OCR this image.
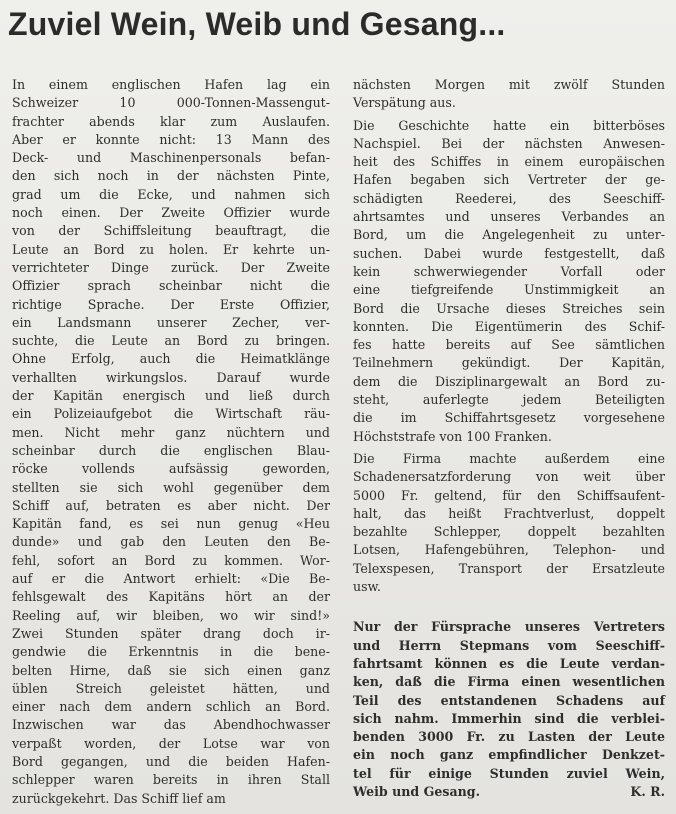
Zuviel Wein, Weib und Gesang...
In einem englischen Hafen lag ein
Schweizer 10 000-Tonnen-Massengut-
frachter abends klar zum Auslaufen.
Aber er konnte nicht: 13 Mann des
Deck- und Maschinenpersonals befan-
den sich noch in der nächsten Pinte,
grad um die Ecke, und nahmen sich
noch einen. Der Zweite Offizier wurde
von der Schiffsleitung beauftragt, die
Leute an Bord zu holen. Er kehrte un-
verrichteter Dinge zurück. Der Zweite
Offizier sprach scheinbar nicht die
richtige Sprache. Der Erste Offizier,
ein Landsmann unserer Zecher, ver-
suchte, die Leute an Bord zu bringen.
Ohne Erfolg, auch die Heimatklänge
verhallten wirkungslos. Darauf wurde
der Kapitän energisch und ließ durch
ein Polizeiaufgebot die Wirtschaft räu-
men. Nicht mehr ganz nüchtern und
scheinbar durch die englischen Blau-
röcke vollends aufsässig geworden,
stellten sie sich wohl gegenüber dem
Schiff auf, betraten es aber nicht. Der
Kapitän fand, es sei nun genug «Heu
dunde» und gab den Leuten den Be-
fehl, sofort an Bord zu kommen. Wor-
auf er die Antwort erhielt: «Die Be-
fehlsgewalt des Kapitäns hört an der
Reeling auf, wir bleiben, wo wir sind!»
Zwei Stunden später drang doch ir-
gendwie die Erkenntnis in die bene-
belten Hirne, daß sie sich einen ganz
üblen Streich geleistet hätten, und
einer nach dem andern schlich an Bord.
Inzwischen war das Abendhochwasser
verpaßt worden, der Lotse war von
Bord gegangen, und die beiden Hafen-
schlepper waren bereits in ihren Stall
zurückgekehrt. Das Schiff lief am
nächsten Morgen mit zwölf Stunden
Verspätung aus.
Die Geschichte hatte ein bitterböses
Nachspiel. Bei der nächsten Anwesen-
heit des Schiffes in einem europäischen
Hafen begaben sich Vertreter der ge-
schädigten Reederei, des Seeschiff-
ahrtsamtes und unseres Verbandes an
Bord, um die Angelegenheit zu unter-
suchen. Dabei wurde festgestellt, daß
kein schwerwiegender Vorfall oder
eine tiefgreifende Unstimmigkeit an
Bord die Ursache dieses Streiches sein
konnten. Die Eigentümerin des Schif-
fes hatte bereits auf See sämtlichen
Teilnehmern gekündigt. Der Kapitän,
dem die Disziplinargewalt an Bord zu-
steht, auferlegte jedem Beteiligten
die im Schiffahrtsgesetz vorgesehene
Höchststrafe von 100 Franken.
Die Firma machte außerdem eine
Schadenersatzforderung von weit über
5000 Fr. geltend, für den Schiffsaufent-
halt, das heißt Frachtverlust, doppelt
bezahlte Schlepper, doppelt bezahlten
Lotsen, Hafengebühren, Telephon- und
Telexspesen, Transport der Ersatzleute
usw.
Nur der Fürsprache unseres Vertreters
und Herrn Stepmans vom Seeschiff-
fahrtsamt können es die Leute verdan-
ken, daß die Firma einen wesentlichen
Teil des entstandenen Schadens auf
sich nahm. Immerhin sind die verblei-
benden 3000 Fr. zu Lasten der Leute
ein noch ganz empfindlicher Denkzet-
tel für einige Stunden zuviel Wein,
Weib und Gesang.	K. R.
